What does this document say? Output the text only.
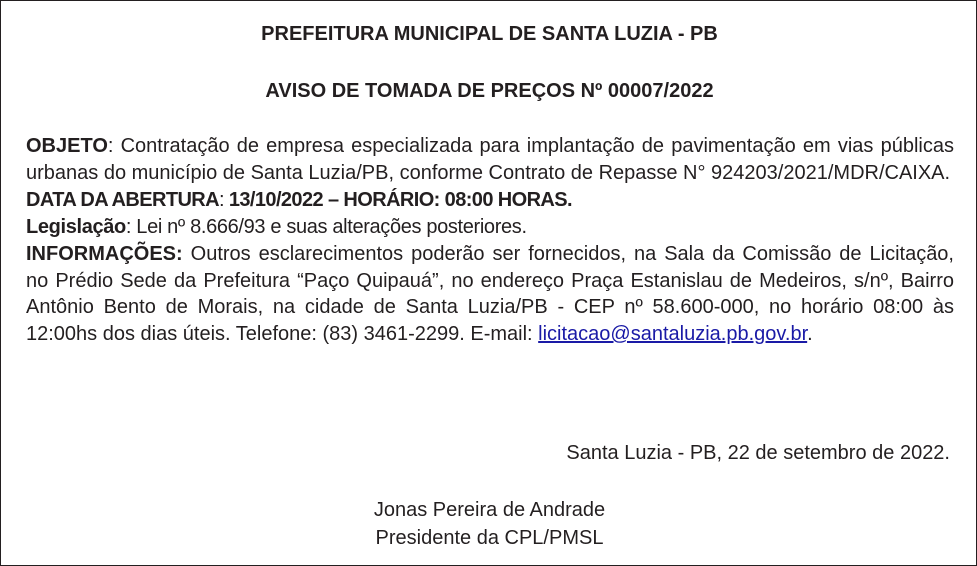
PREFEITURA MUNICIPAL DE SANTA LUZIA - PB
AVISO DE TOMADA DE PREÇOS Nº 00007/2022

OBJETO: Contratação de empresa especializada para implantação de pavimentação em vias públicas urbanas do município de Santa Luzia/PB, conforme Contrato de Repasse N° 924203/2021/MDR/CAIXA.

DATA DA ABERTURA: 13/10/2022 – HORÁRIO: 08:00 HORAS.

Legislação: Lei nº 8.666/93 e suas alterações posteriores.

INFORMAÇÕES: Outros esclarecimentos poderão ser fornecidos, na Sala da Comissão de Licitação, no Prédio Sede da Prefeitura “Paço Quipauá”, no endereço Praça Estanislau de Medeiros, s/nº, Bairro Antônio Bento de Morais, na cidade de Santa Luzia/PB - CEP nº 58.600-000, no horário 08:00 às 12:00hs dos dias úteis. Telefone: (83) 3461-2299. E-mail: licitacao@santaluzia.pb.gov.br.

Santa Luzia - PB, 22 de setembro de 2022.
Jonas Pereira de Andrade
Presidente da CPL/PMSL
